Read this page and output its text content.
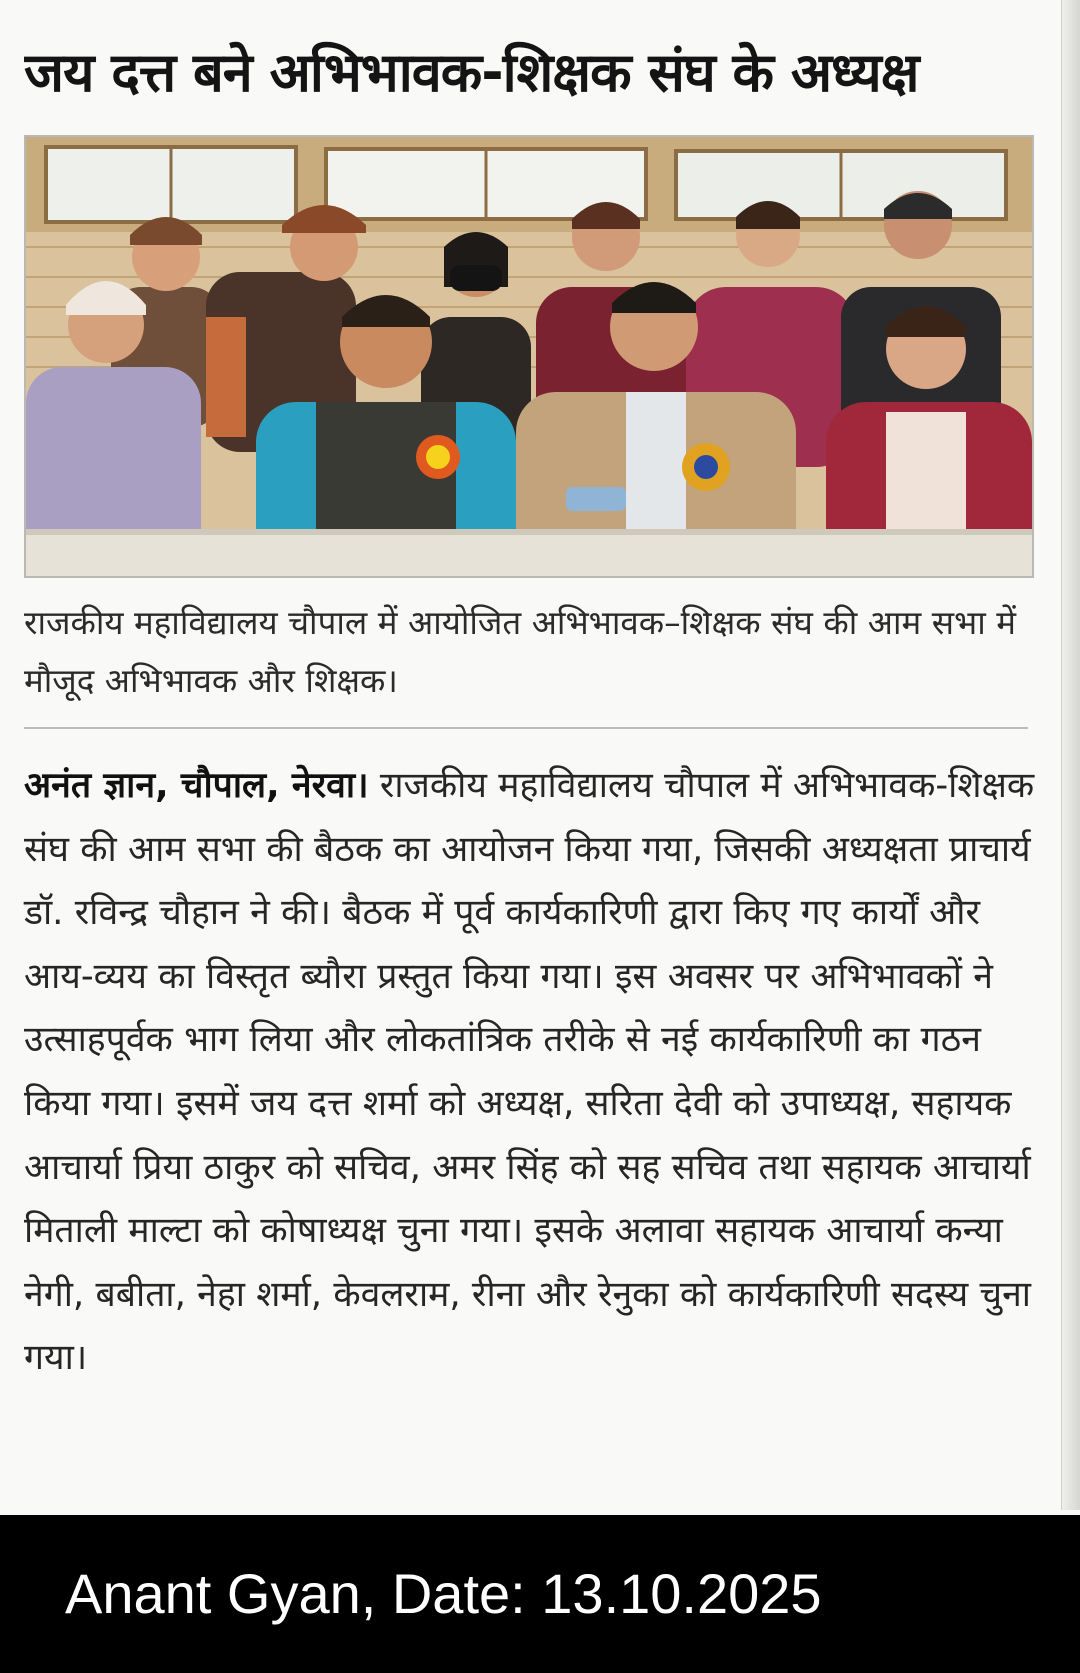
जय दत्त बने अभिभावक-शिक्षक संघ के अध्यक्ष

राजकीय महाविद्यालय चौपाल में आयोजित अभिभावक–शिक्षक संघ की आम सभा में मौजूद अभिभावक और शिक्षक।

अनंत ज्ञान, चौपाल, नेरवा। राजकीय महाविद्यालय चौपाल में अभिभावक-शिक्षक संघ की आम सभा की बैठक का आयोजन किया गया, जिसकी अध्यक्षता प्राचार्य डॉ. रविन्द्र चौहान ने की। बैठक में पूर्व कार्यकारिणी द्वारा किए गए कार्यों और आय-व्यय का विस्तृत ब्यौरा प्रस्तुत किया गया। इस अवसर पर अभिभावकों ने उत्साहपूर्वक भाग लिया और लोकतांत्रिक तरीके से नई कार्यकारिणी का गठन किया गया। इसमें जय दत्त शर्मा को अध्यक्ष, सरिता देवी को उपाध्यक्ष, सहायक आचार्या प्रिया ठाकुर को सचिव, अमर सिंह को सह सचिव तथा सहायक आचार्या मिताली माल्टा को कोषाध्यक्ष चुना गया। इसके अलावा सहायक आचार्या कन्या नेगी, बबीता, नेहा शर्मा, केवलराम, रीना और रेनुका को कार्यकारिणी सदस्य चुना गया।

Anant Gyan, Date: 13.10.2025
